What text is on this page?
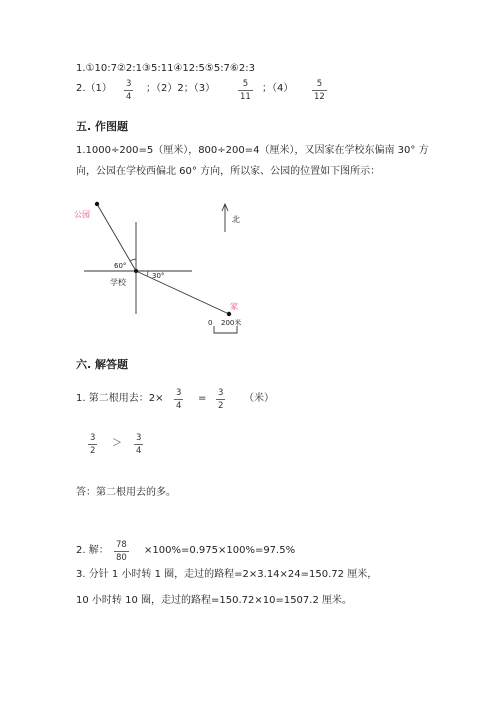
1.①10:7②2:1③5:11④12:5⑤5:7⑥2:3
2.（1） 3
4
；（2）2；（3）	5
11
；（4）	5
12
五. 作图题
1.1000÷200=5（厘米），800÷200=4（厘米），又因家在学校东偏南 30° 方
向，公园在学校西偏北 60° 方向，所以家、公园的位置如下图所示：
公园
家
学校
60°
30°
北
0 200米
六. 解答题
1. 第二根用去：2× 3
4
= 3
2
（米）
3
2
＞ 3
4
答：第二根用去的多。
2. 解： 78
80
×100%=0.975×100%=97.5%
3. 分针 1 小时转 1 圈，走过的路程=2×3.14×24=150.72 厘米，
10 小时转 10 圈，走过的路程=150.72×10=1507.2 厘米。
